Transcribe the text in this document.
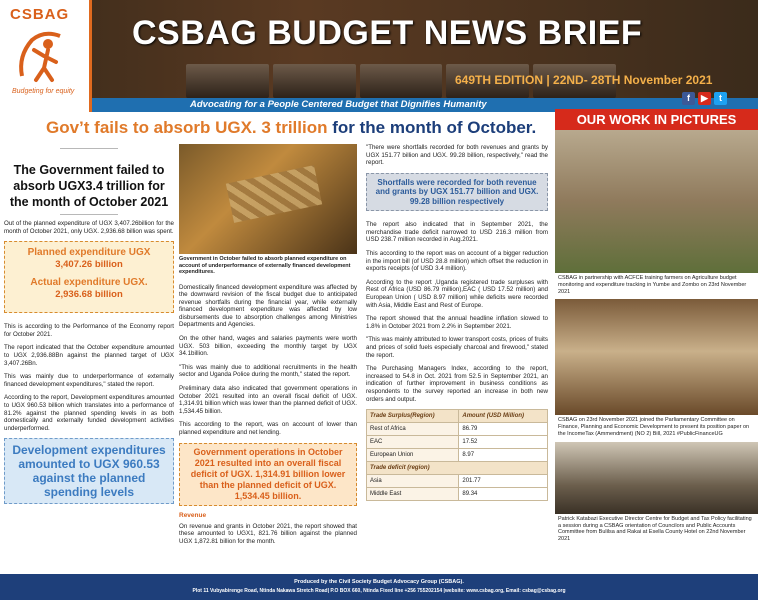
CSBAG
Budgeting for equity
CSBAG BUDGET NEWS BRIEF
649TH EDITION | 22ND- 28TH November 2021
Advocating for a People Centered Budget that Dignifies Humanity
f	▶	t
Gov’t fails to absorb UGX. 3 trillion for the month of October.	OUR WORK IN PICTURES
-----------------------------
The Government failed to absorb UGX3.4 trillion for the month of October 2021
-----------------------------

Out of the planned expenditure of UGX 3,407.26billion for the month of October 2021, only UGX. 2,936.68 billion was spent.

Planned expenditure UGX
3,407.26 billion
Actual expenditure UGX.
2,936.68 billion

This is according to the Performance of the Economy report for October 2021.

The report indicated that the October expenditure amounted to UGX 2,936.88Bn against the planned target of UGX 3,407.26Bn.

This was mainly due to underperformance of externally financed development expenditures," stated the report.

According to the report, Development expenditures amounted to UGX 960.53 billion which translates into a performance of 81.2% against the planned spending levels in as both domestically and externally funded development activities underperformed.

Development expenditures amounted to UGX 960.53 against the planned spending levels

Government in October failed to absorb planned expenditure on account of underperformance of externally financed development expenditures.

Domestically financed development expenditure was affected by the downward revision of the fiscal budget due to anticipated revenue shortfalls during the financial year, while externally financed development expenditure was affected by low disbursements due to absorption challenges among Ministries Departments and Agencies.

On the other hand, wages and salaries payments were worth UGX. 503 billion, exceeding the monthly target by UGX 34.1billion.

"This was mainly due to additional recruitments in the health sector and Uganda Police during the month," stated the report.

Preliminary data also indicated that government operations in October 2021 resulted into an overall fiscal deficit of UGX. 1,314.91 billion which was lower than the planned deficit of UGX. 1,534.45 billion.

This according to the report, was on account of lower than planned expenditure and net lending.

Government operations in October 2021 resulted into an overall fiscal deficit of UGX. 1,314.91 billion lower than the planned deficit of UGX. 1,534.45 billion.
Revenue

On revenue and grants in October 2021, the report showed that these amounted to UGX1, 821.76 billion against the planned UGX 1,872.81 billion for the month.

"There were shortfalls recorded for both revenues and grants by UGX 151.77 billion and UGX. 99.28 billion, respectively," read the report.

Shortfalls were recorded for both revenue and grants by UGX 151.77 billion and UGX. 99.28 billion respectively

The report also indicated that in September 2021, the merchandise trade deficit narrowed to USD 216.3 million from USD 238.7 million recorded in Aug.2021.

This according to the report was on account of a bigger reduction in the import bill (of USD 28.8 million) which offset the reduction in exports receipts (of USD 3.4 million).

According to the report ,Uganda registered trade surpluses with Rest of Africa (USD 86.79 million),EAC ( USD 17.52 million) and European Union ( USD 8.97 million) while deficits were recorded with Asia, Middle East and Rest of Europe.

The report showed that the annual headline inflation slowed to 1.8% in October 2021 from 2.2% in September 2021.

"This was mainly attributed to lower transport costs, prices of fruits and prices of solid fuels especially charcoal and firewood," stated the report.

The Purchasing Managers Index, according to the report, increased to 54.8 in Oct. 2021 from 52.5 in September 2021, an indication of further improvement in business conditions as respondents to the survey reported an increase in both new orders and output.

Trade Surplus(Region)	Amount (USD Million)
Rest of Africa	86.79
EAC	17.52
European Union	8.97
Trade deficit (region)	
Asia	201.77
Middle East	89.34
CSBAG in partnership with ACFCE training farmers on Agriculture budget monitoring and expenditure tracking in Yumbe and Zombo on 23rd November 2021
CSBAG on 23rd November 2021 joined the Parliamentary Committee on Finance, Planning and Economic Development to present its position paper on the IncomeTax (Ammendment) (NO 2) Bill, 2021 #PublicFinanceUG
Patrick Katabazi Executive Director Centre for Budget and Tax Policy facilitating a session during a CSBAG orientation of Councilors and Public Accounts Committee from Bulilsa and Rakai at Esella County Hotel on 22nd November 2021
Produced by the Civil Society Budget Advocacy Group (CSBAG).
Plot 11 Vubyabirenge Road, Ntinda Nakawa Stretch Road| P.O BOX 660, Ntinda Fixed line +256 755202154 |website: www.csbag.org, Email: csbag@csbag.org
